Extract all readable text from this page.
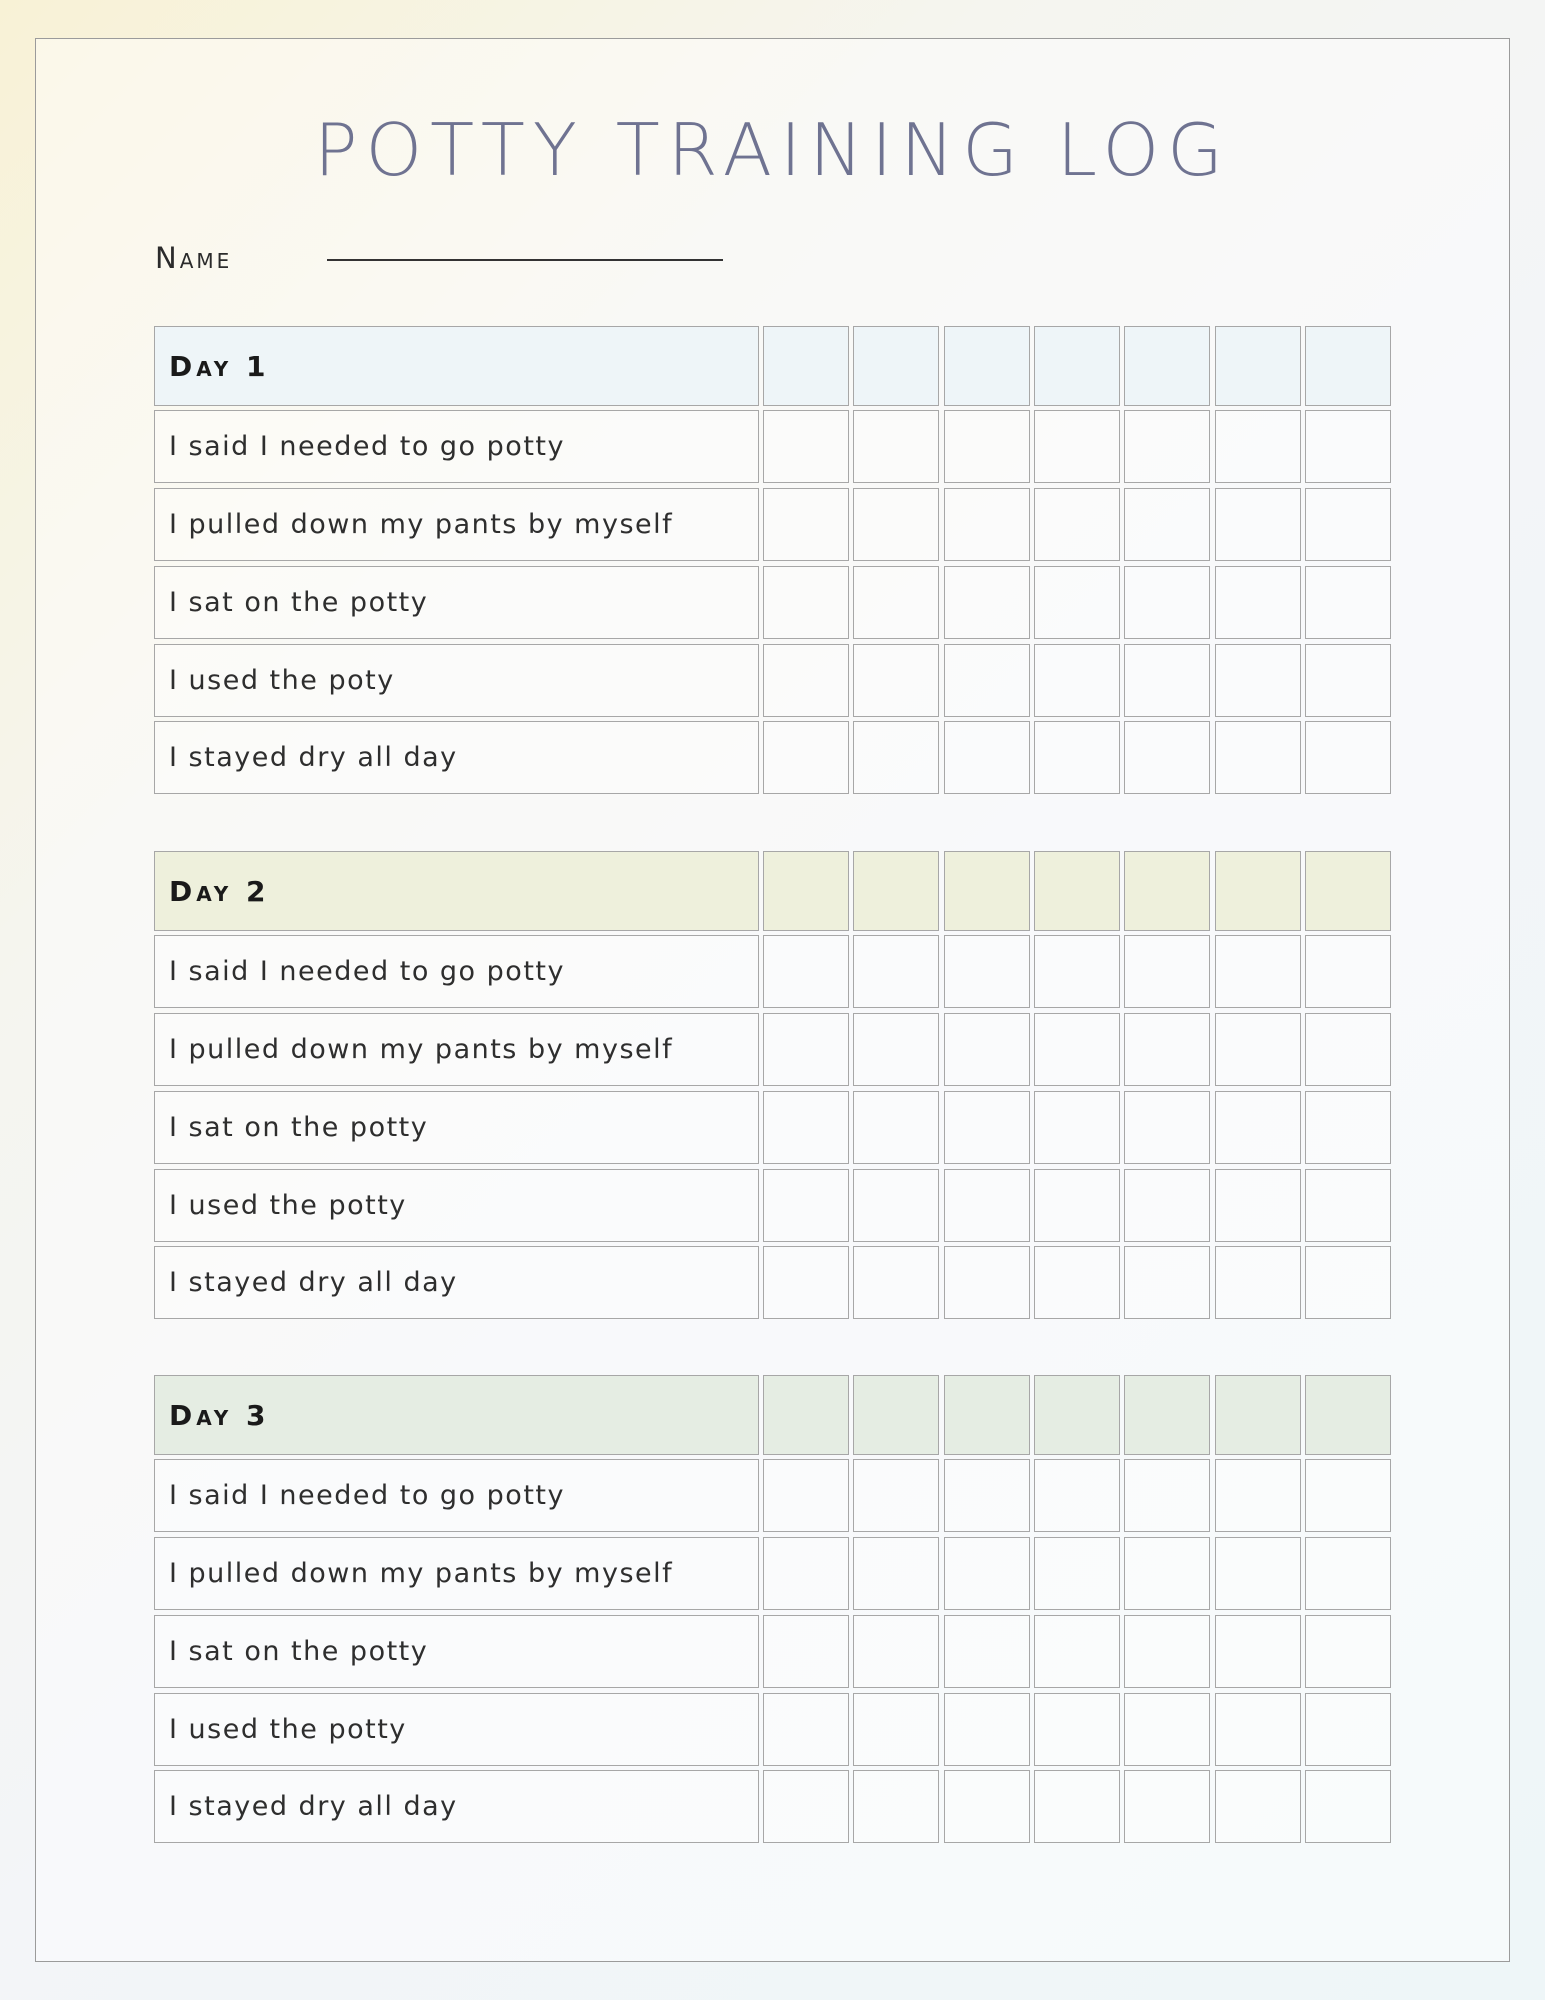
POTTY TRAINING LOG
Name
Day 1
I said I needed to go potty
I pulled down my pants by myself
I sat on the potty
I used the poty
I stayed dry all day
Day 2
I said I needed to go potty
I pulled down my pants by myself
I sat on the potty
I used the potty
I stayed dry all day
Day 3
I said I needed to go potty
I pulled down my pants by myself
I sat on the potty
I used the potty
I stayed dry all day
